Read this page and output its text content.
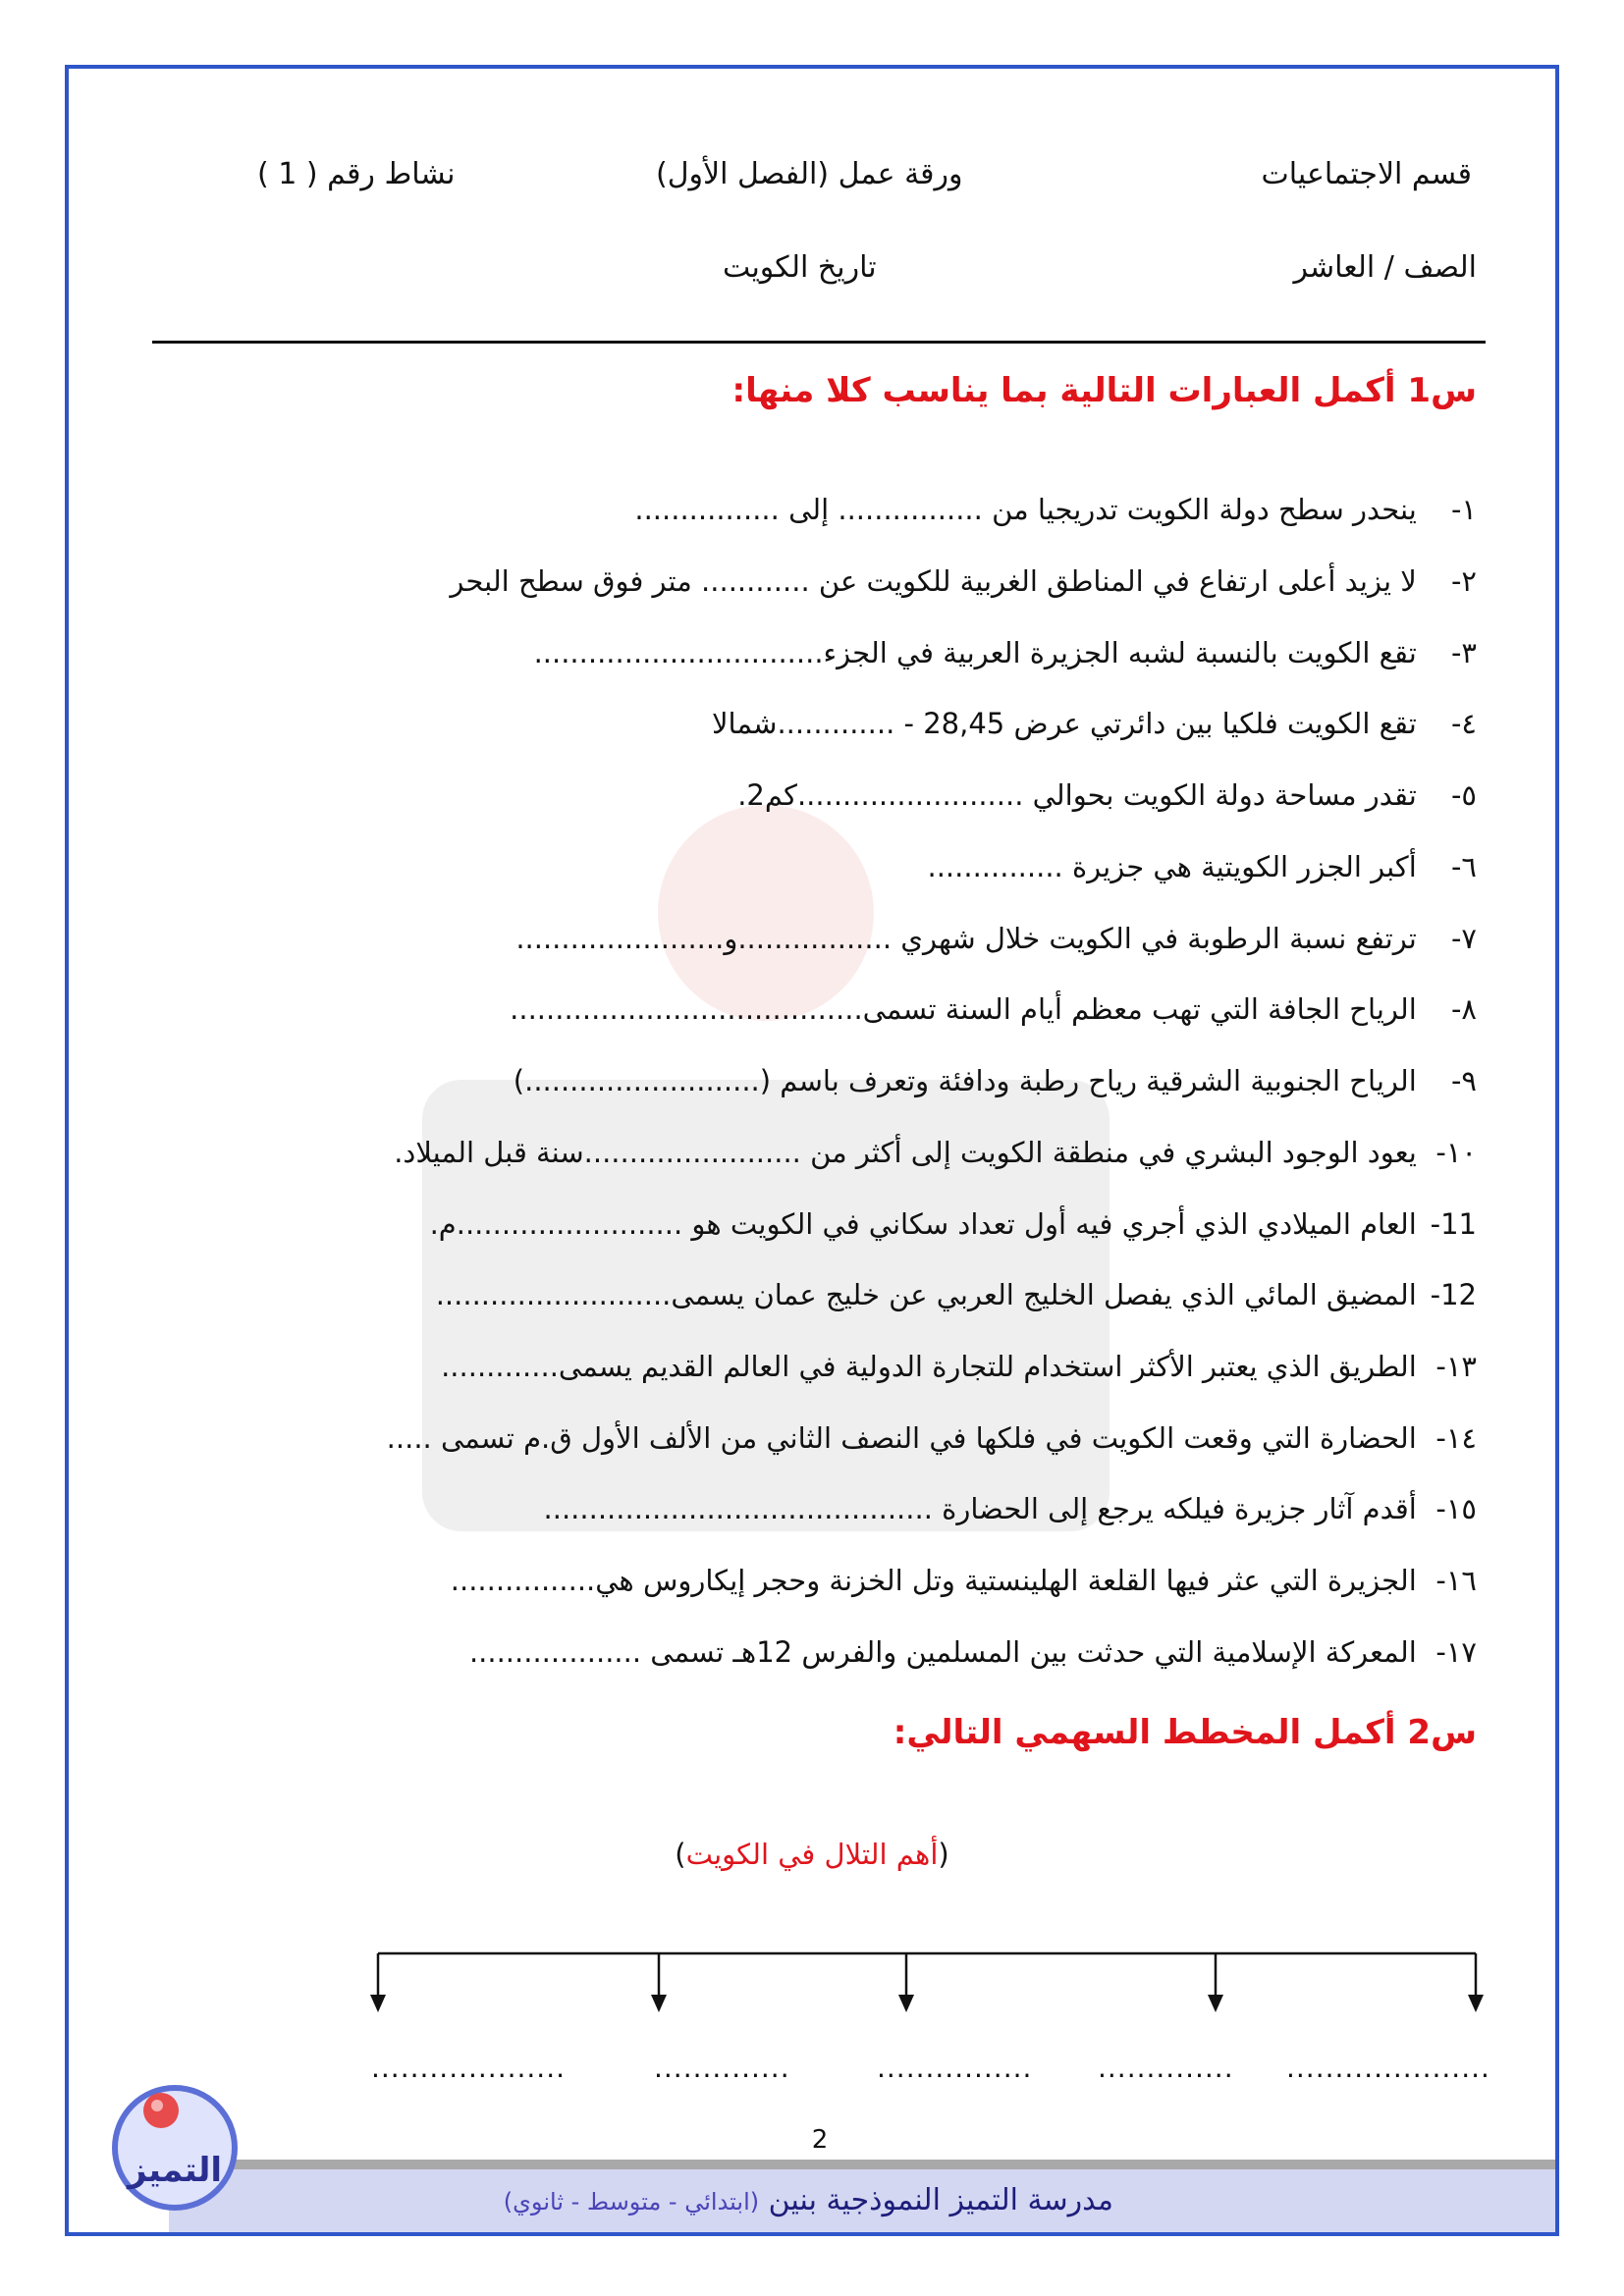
قسم الاجتماعيات
ورقة عمل (الفصل الأول)
نشاط رقم ( 1 )
الصف / العاشر
تاريخ الكويت
س1 أكمل العبارات التالية بما يناسب كلا منها:
١- ينحدر سطح دولة الكويت تدريجيا من ................ إلى ................
٢- لا يزيد أعلى ارتفاع في المناطق الغربية للكويت عن ............ متر فوق سطح البحر
٣- تقع الكويت بالنسبة لشبه الجزيرة العربية في الجزء................................
٤- تقع الكويت فلكيا بين دائرتي عرض 28,45 - .............شمالا
٥- تقدر مساحة دولة الكويت بحوالي .........................كم2.
٦- أكبر الجزر الكويتية هي جزيرة ...............
٧- ترتفع نسبة الرطوبة في الكويت خلال شهري .................و.......................
٨- الرياح الجافة التي تهب معظم أيام السنة تسمى.......................................
٩- الرياح الجنوبية الشرقية رياح رطبة ودافئة وتعرف باسم (..........................)
١٠- يعود الوجود البشري في منطقة الكويت إلى أكثر من ........................سنة قبل الميلاد.
11- العام الميلادي الذي أجري فيه أول تعداد سكاني في الكويت هو .........................م.
12- المضيق المائي الذي يفصل الخليج العربي عن خليج عمان يسمى..........................
١٣- الطريق الذي يعتبر الأكثر استخدام للتجارة الدولية في العالم القديم يسمى.............
١٤- الحضارة التي وقعت الكويت في فلكها في النصف الثاني من الألف الأول ق.م تسمى .....
١٥- أقدم آثار جزيرة فيلكه يرجع إلى الحضارة ...........................................
١٦- الجزيرة التي عثر فيها القلعة الهلينستية وتل الخزنة وحجر إيكاروس هي................
١٧- المعركة الإسلامية التي حدثت بين المسلمين والفرس 12هـ تسمى ...................
س2 أكمل المخطط السهمي التالي:
(أهم التلال في الكويت)
....................	..............	................ .............. .....................
2
مدرسة التميز النموذجية بنين (ابتدائي - متوسط - ثانوي)
التميز
